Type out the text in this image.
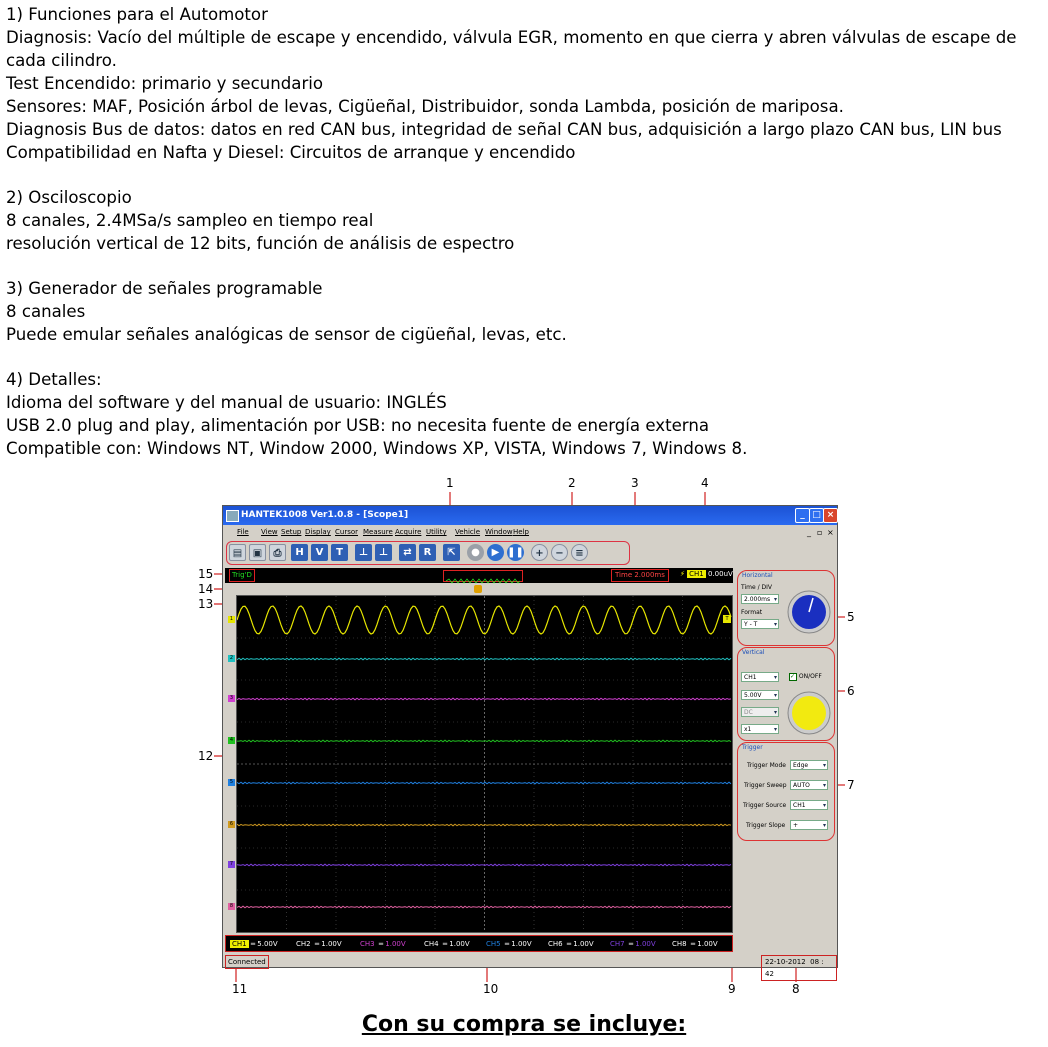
1) Funciones para el Automotor
Diagnosis: Vacío del múltiple de escape y encendido, válvula EGR, momento en que cierra y abren válvulas de escape de cada cilindro.
Test Encendido: primario y secundario
Sensores: MAF, Posición árbol de levas, Cigüeñal, Distribuidor, sonda Lambda, posición de mariposa.
Diagnosis Bus de datos: datos en red CAN bus, integridad de señal CAN bus, adquisición a largo plazo CAN bus, LIN bus
Compatibilidad en Nafta y Diesel: Circuitos de arranque y encendido
2) Osciloscopio
8 canales, 2.4MSa/s sampleo en tiempo real
resolución vertical de 12 bits, función de análisis de espectro
3) Generador de señales programable
8 canales
Puede emular señales analógicas de sensor de cigüeñal, levas, etc.
4) Detalles:
Idioma del software y del manual de usuario: INGLÉS
USB 2.0 plug and play, alimentación por USB: no necesita fuente de energía externa
Compatible con: Windows NT, Window 2000, Windows XP, VISTA, Windows 7, Windows 8.
1	2	3	4
5
6
7
8
9
10
11
12
13
14
15
HANTEK1008 Ver1.0.8 - [Scope1]	_ □ ×
File View Setup Display Cursor Measure Acquire Utility Vehicle Window Help	_ ▫ ×
▤	▣	⎙	H	V	T	⊥	⊥	⇄	R	⇱	●	▶ ❚❚	+	−	≡
Trig'D	Time 2.000ms	⚡ CH1 0.00uV
1
2
3
4
5
6
7
8
T
CH1 ═ 5.00V	CH2 ═ 1.00V	CH3 ═ 1.00V	CH4 ═ 1.00V CH5 ═ 1.00V CH6 ═ 1.00V CH7 ═ 1.00V CH8 ═ 1.00V
Connected	22-10-2012 08 : 42
Horizontal
Time / DIV
2.000ms ▾
Format
Y - T ▾
Vertical
CH1 ▾	✓ ON/OFF
5.00V ▾
DC ▾
x1 ▾
Trigger
Trigger Mode	Edge ▾
Trigger Sweep	AUTO ▾
Trigger Source	CH1 ▾
Trigger Slope	+ ▾
Con su compra se incluye:
